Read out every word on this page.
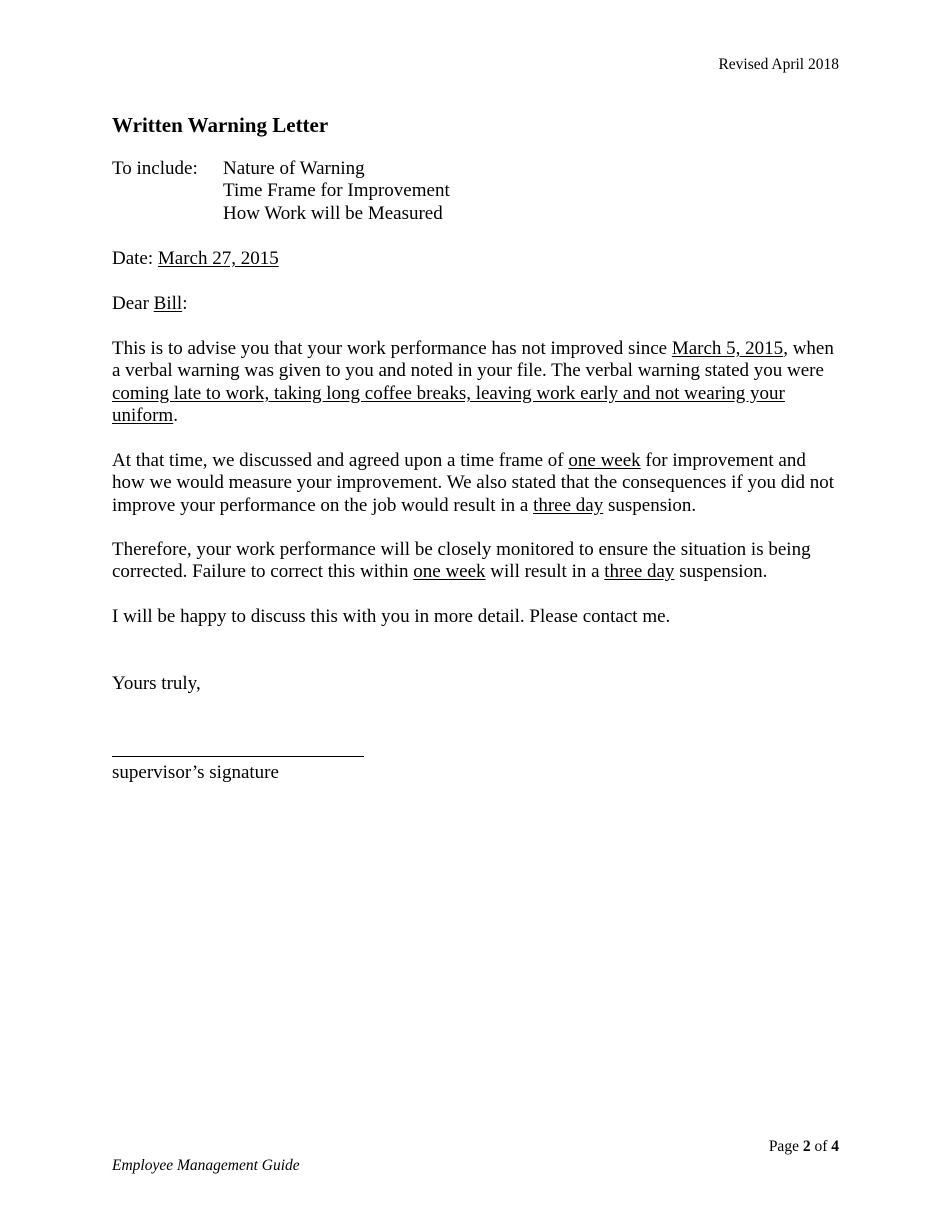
Revised April 2018
Written Warning Letter
To include: Nature of Warning
Time Frame for Improvement
How Work will be Measured

Date: March 27, 2015

Dear Bill:

This is to advise you that your work performance has not improved since March 5, 2015, when a verbal warning was given to you and noted in your file. The verbal warning stated you were coming late to work, taking long coffee breaks, leaving work early and not wearing your uniform.

At that time, we discussed and agreed upon a time frame of one week for improvement and how we would measure your improvement. We also stated that the consequences if you did not improve your performance on the job would result in a three day suspension.

Therefore, your work performance will be closely monitored to ensure the situation is being corrected. Failure to correct this within one week will result in a three day suspension.

I will be happy to discuss this with you in more detail. Please contact me.

Yours truly,

supervisor’s signature

Page 2 of 4
Employee Management Guide
